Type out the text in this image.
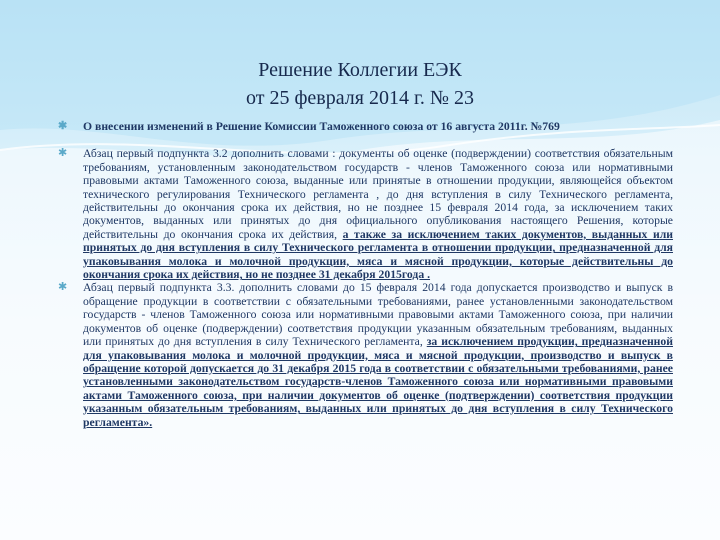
Решение Коллегии ЕЭК
от 25 февраля 2014 г. № 23
✱ О внесении изменений в Решение Комиссии Таможенного союза от 16 августа 2011г. №769
✱ Абзац первый подпункта 3.2 дополнить словами : документы об оценке (подверждении) соответствия обязательным требованиям, установленным законодательством государств - членов Таможенного союза или нормативными правовыми актами Таможенного союза, выданные или принятые в отношении продукции, являющейся объектом технического регулирования Технического регламента , до дня вступления в силу Технического регламента, действительны до окончания срока их действия, но не позднее 15 февраля 2014 года, за исключением таких документов, выданных или принятых до дня официального опубликования настоящего Решения, которые действительны до окончания срока их действия, а также за исключением таких документов, выданных или принятых до дня вступления в силу Технического регламента в отношении продукции, предназначенной для упаковывания молока и молочной продукции, мяса и мясной продукции, которые действительны до окончания срока их действия, но не позднее 31 декабря 2015года .
✱ Абзац первый подпункта 3.3. дополнить словами до 15 февраля 2014 года допускается производство и выпуск в обращение продукции в соответствии с обязательными требованиями, ранее установленными законодательством государств - членов Таможенного союза или нормативными правовыми актами Таможенного союза, при наличии документов об оценке (подверждении) соответствия продукции указанным обязательным требованиям, выданных или принятых до дня вступления в силу Технического регламента, за исключением продукции, предназначенной для упаковывания молока и молочной продукции, мяса и мясной продукции, производство и выпуск в обращение которой допускается до 31 декабря 2015 года в соответствии с обязательными требованиями, ранее установленными законодательством государств-членов Таможенного союза или нормативными правовыми актами Таможенного союза, при наличии документов об оценке (подтверждении) соответствия продукции указанным обязательным требованиям, выданных или принятых до дня вступления в силу Технического регламента».
